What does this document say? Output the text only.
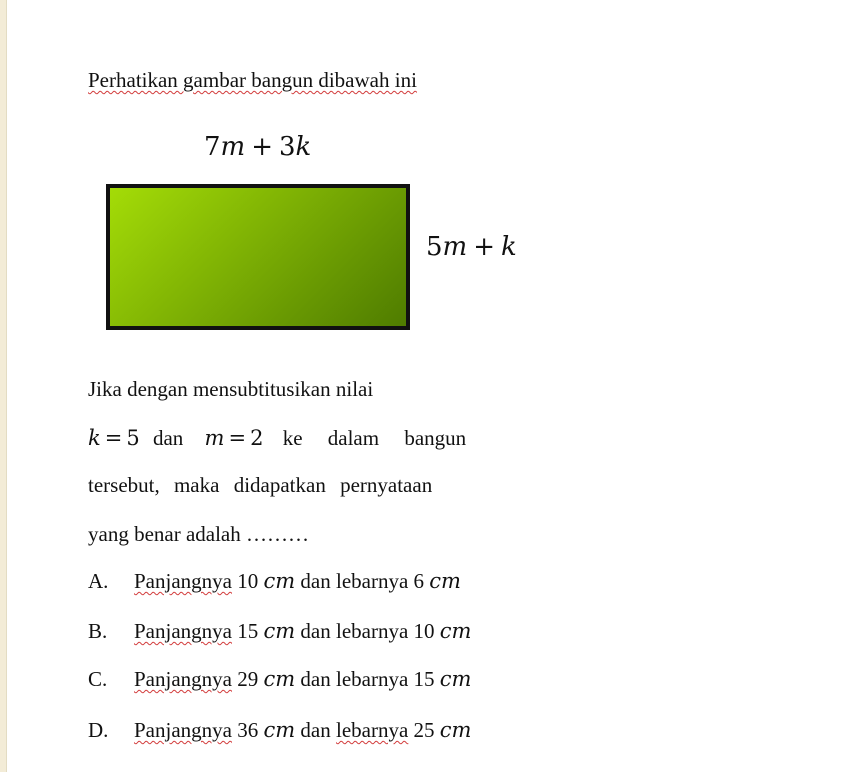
Perhatikan gambar bangun dibawah ini
7m + 3k
5m + k
Jika dengan mensubtitusikan nilai
k = 5 dan m = 2 ke dalam bangun
tersebut, maka didapatkan pernyataan
yang benar adalah ………
A. Panjangnya 10 cm dan lebarnya 6 cm
B. Panjangnya 15 cm dan lebarnya 10 cm
C. Panjangnya 29 cm dan lebarnya 15 cm
D. Panjangnya 36 cm dan lebarnya 25 cm
